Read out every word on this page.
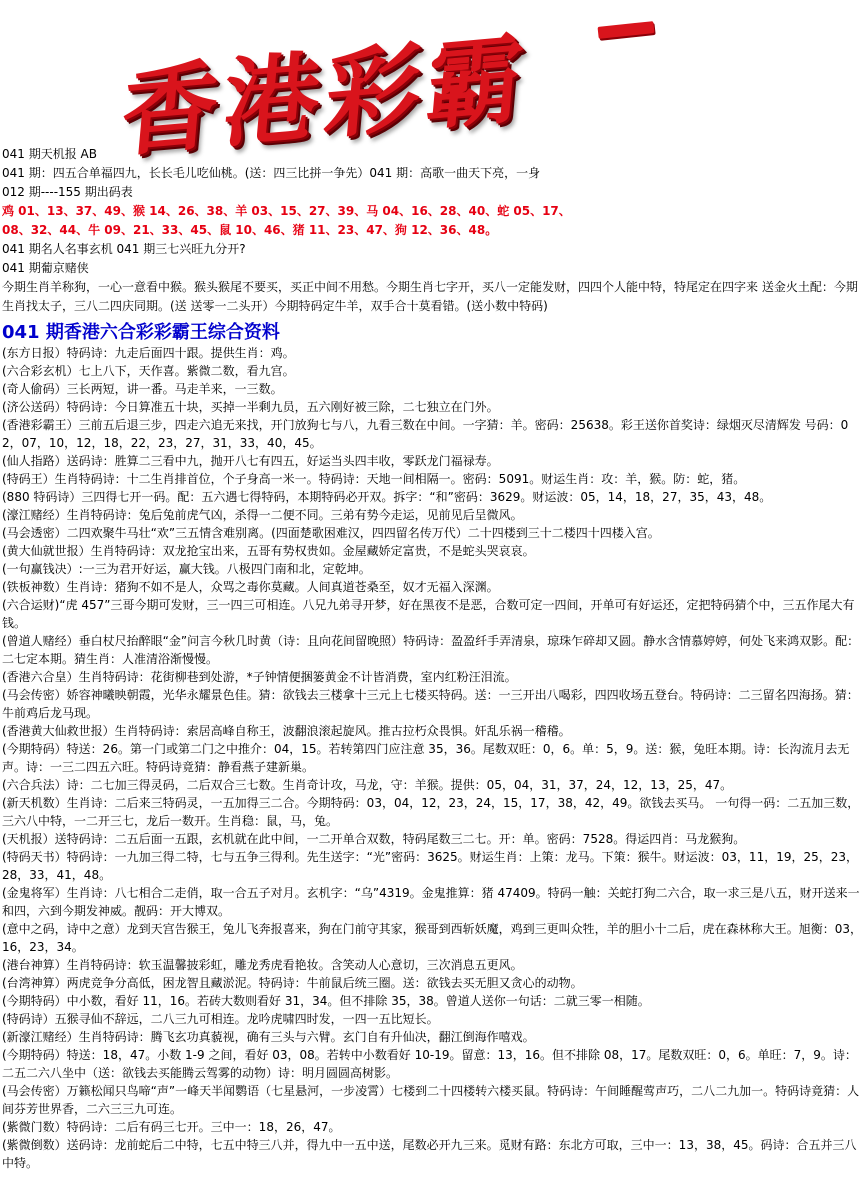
香港彩霸
041 期天机报 AB
041 期：四五合单福四九，长长毛儿吃仙桃。(送：四三比拼一争先）041 期：高歌一曲天下亮，一身
012 期----155 期出码表
鸡 01、13、37、49、猴 14、26、38、羊 03、15、27、39、马 04、16、28、40、蛇 05、17、
08、32、44、牛 09、21、33、45、鼠 10、46、猪 11、23、47、狗 12、36、48。
041 期名人名事玄机 041 期三七兴旺九分开?
041 期葡京赌侠
今期生肖羊称狗，一心一意看中猴。猴头猴尾不要买，买正中间不用愁。今期生肖七字开，买八一定能发财，四四个人能中特，特尾定在四字来 送金火土配：今期生肖找太子，三八二四庆同期。(送 送零一二头开）今期特码定牛羊，双手合十莫看错。(送小数中特码)
041 期香港六合彩彩霸王综合资料

(东方日报）特码诗：九走后面四十跟。提供生肖：鸡。

(六合彩玄机）七上八下，天作喜。紫微二数，看九宫。

(奇人偷码）三长两短，讲一番。马走羊来，一三数。

(济公送码）特码诗：今日算准五十块，买掉一半剩九员，五六刚好被三除，二七独立在门外。

(香港彩霸王）三前五后退三步，四走六追无来找，开门放狗七与八，九看三数在中间。一字猜：羊。密码：25638。彩王送你首奖诗：绿烟灭尽清辉发 号码：02，07，10，12，18，22，23，27，31，33，40，45。

(仙人指路）送码诗：胜算二三看中九，抛开八七有四五，好运当头四丰收，零跃龙门福禄寿。

(特码王）生肖特码诗：十二生肖排首位，个子身高一米一。特码诗：天地一间相隔一。密码：5091。财运生肖：攻：羊，猴。防：蛇，猪。

(880 特码诗）三四得七开一码。配：五六遇七得特码，本期特码必开双。拆字：“和”密码：3629。财运波：05，14，18，27，35，43，48。

(濠江赌经）生肖特码诗：兔后兔前虎气凶，杀得一二便不同。三弟有势今走运，见前见后呈微风。

(马会透密）二四欢聚牛马壮“欢”三五情含难别离。(四面楚歌困难汉，四四留名传万代）二十四楼到三十二楼四十四楼入宫。

(黄大仙就世报）生肖特码诗：双龙抢宝出来，五哥有势权贵如。金屋藏娇定富贵，不是蛇头哭哀哀。

(一句赢钱决）:一三为君开好运，赢大钱。八极四门南和北，定乾坤。

(铁板神数）生肖诗：猪狗不如不是人，众骂之毒你莫藏。人间真道苍桑至，奴才无福入深渊。

(六合运财)“虎 457”三哥今期可发财，三一四三可相连。八兄九弟寻开梦，好在黑夜不是恶，合数可定一四间，开单可有好运还，定把特码猜个中，三五作尾大有钱。

(曾道人赌经）垂白杖尺抬醉眼“金”问言今秋几时黄（诗：且向花间留晚照）特码诗：盈盈纤手弄清泉，琼珠乍碎却又圆。静水含情慕婷婷，何处飞来鸿双影。配：二七定本期。猜生肖：人准清浴渐慢慢。

(香港六合皇）生肖特码诗：花街柳巷到处游，*子钟情便捆篓黄金不计皆消费，室内红粉汪泪流。

(马会传密）娇容神曦映朝霞，光华永耀景色佳。猜：欲钱去三楼拿十三元上七楼买特码。送：一三开出八喝彩，四四收场五登台。特码诗：二三留名四海扬。猜：牛前鸡后龙马现。

(香港黄大仙救世报）生肖特码诗：索居高峰自称王，波翻浪滚起旋风。推古拉朽众畏惧。奸乱乐祸一稽稽。

(今期特码）特送：26。第一门或第二门之中推介：04，15。若转第四门应注意 35，36。尾数双旺：0，6。单：5，9。送：猴，兔旺本期。诗：长沟流月去无声。诗：一三二四五六旺。特码诗竟猜：静看燕子建新巢。

(六合兵法）诗：二七加三得灵码，二后双合三七数。生肖奇计攻，马龙，守：羊猴。提供：05，04，31，37，24，12，13，25，47。

(新天机数）生肖诗：二后来三特码灵，一五加得三二合。今期特码：03，04，12，23，24，15，17，38，42，49。欲钱去买马。 一句得一码：二五加三数，三六八中特，一二开三七，龙后一数开。生肖稳：鼠，马，兔。

(天机报）送特码诗：二五后面一五跟，玄机就在此中间，一二开单合双数，特码尾数三二七。开：单。密码：7528。得运四肖：马龙猴狗。

(特码天书）特码诗：一九加三得二特，七与五争三得利。先生送字：“光”密码：3625。财运生肖：上策：龙马。下策：猴牛。财运波：03，11，19，25，23，28，33，41，48。

(金鬼将军）生肖诗：八七相合二走俏，取一合五子对月。玄机字：“乌”4319。金鬼推算：猪 47409。特码一触：关蛇打狗二六合，取一求三是八五，财开送来一和四，六到今期发神威。靓码：开大博双。

(意中之码，诗中之意）龙到天宫告猴王，兔儿飞奔报喜来，狗在门前守其家，猴哥到西斩妖魔，鸡到三更叫众牲，羊的胆小十二后，虎在森林称大王。旭衡：03，16，23，34。

(港台神算）生肖特码诗：软玉温馨披彩虹，雕龙秀虎看艳妆。含笑动人心意切，三次消息五更风。

(台湾神算）两虎竞争分高低，困龙智且藏淤泥。特码诗：牛前鼠后统三圈。送：欲钱去买无胆又贪心的动物。

(今期特码）中小数，看好 11，16。若砖大数则看好 31，34。但不排除 35，38。曾道人送你一句话：二就三零一相随。

(特码诗）五猴寻仙不辞远，二八三九可相连。龙吟虎啸四时发，一四一五比短长。

(新濠江赌经）生肖特码诗：腾飞玄功真藐视，确有三头与六臂。玄门自有升仙决，翻江倒海作嘻戏。

(今期特码）特送：18，47。小数 1-9 之间，看好 03，08。若转中小数看好 10-19。留意：13，16。但不排除 08，17。尾数双旺：0，6。单旺：7，9。诗：二五二六八坐中（送：欲钱去买能腾云驾雾的动物）诗：明月圆圆高树影。

(马会传密）万籁松闻只鸟啼“声”一峰天半闻鹦语（七星悬河，一步凌霄）七楼到二十四楼转六楼买鼠。特码诗：午间睡醒莺声巧，二八二九加一。特码诗竟猜：人间芬芳世界香，二六三三九可连。

(紫微门数）特码诗：二后有码三七开。三中一：18，26，47。

(紫微倒数）送码诗：龙前蛇后二中特，七五中特三八并，得九中一五中送，尾数必开九三来。觅财有路：东北方可取，三中一：13，38，45。码诗：合五并三八中特。
